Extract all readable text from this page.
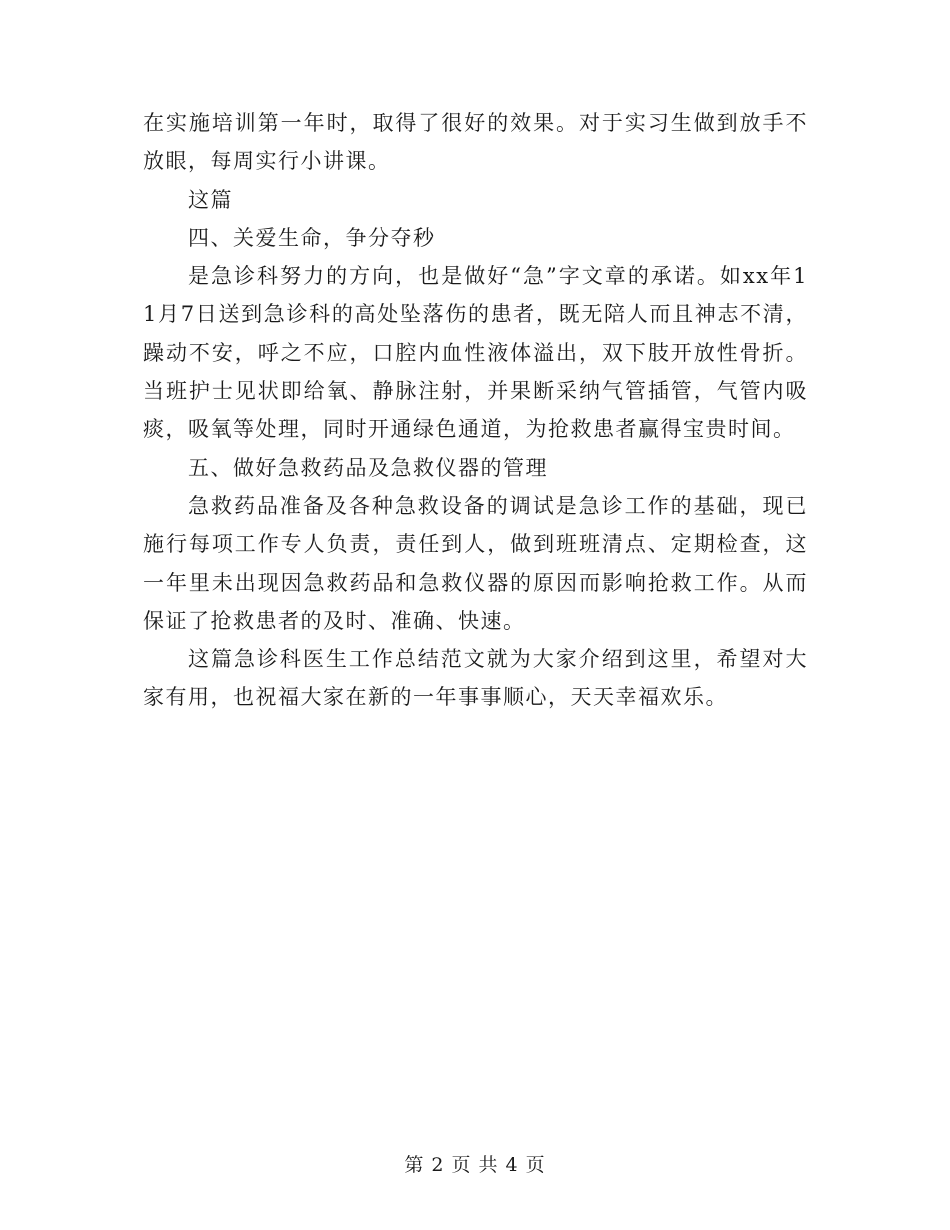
在实施培训第一年时，取得了很好的效果。对于实习生做到放手不放眼，每周实行小讲课。

这篇

四、关爱生命，争分夺秒

是急诊科努力的方向，也是做好“急”字文章的承诺。如xx年11月7日送到急诊科的高处坠落伤的患者，既无陪人而且神志不清，躁动不安，呼之不应，口腔内血性液体溢出，双下肢开放性骨折。当班护士见状即给氧、静脉注射，并果断采纳气管插管，气管内吸痰，吸氧等处理，同时开通绿色通道，为抢救患者赢得宝贵时间。

五、做好急救药品及急救仪器的管理

急救药品准备及各种急救设备的调试是急诊工作的基础，现已施行每项工作专人负责，责任到人，做到班班清点、定期检查，这一年里未出现因急救药品和急救仪器的原因而影响抢救工作。从而保证了抢救患者的及时、准确、快速。

这篇急诊科医生工作总结范文就为大家介绍到这里，希望对大家有用，也祝福大家在新的一年事事顺心，天天幸福欢乐。

第 2 页 共 4 页
